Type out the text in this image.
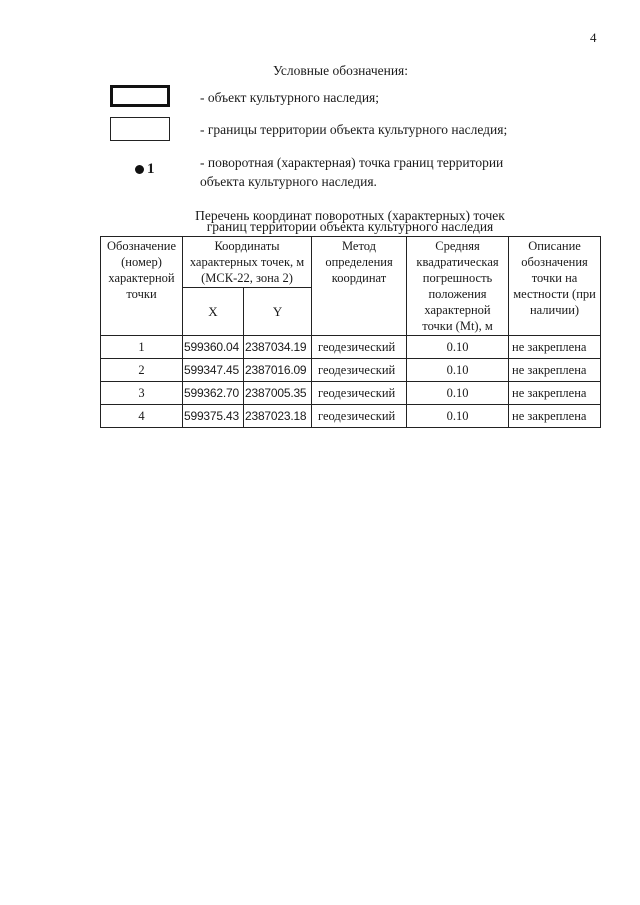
4
Условные обозначения:
- объект культурного наследия;
- границы территории объекта культурного наследия;
1	- поворотная (характерная) точка границ территории
объекта культурного наследия.
Перечень координат поворотных (характерных) точек
границ территории объекта культурного наследия
Обозначение (номер) характерной точки	Координаты характерных точек, м (МСК-22, зона 2)		Метод определения координат	Средняя квадратическая погрешность положения характерной точки (Mt), м	Описание обозначения точки на местности (при наличии)
	X	Y			
1	599360.04	2387034.19	геодезический	0.10	не закреплена
2	599347.45	2387016.09	геодезический	0.10	не закреплена
3	599362.70	2387005.35	геодезический	0.10	не закреплена
4	599375.43	2387023.18	геодезический	0.10	не закреплена
